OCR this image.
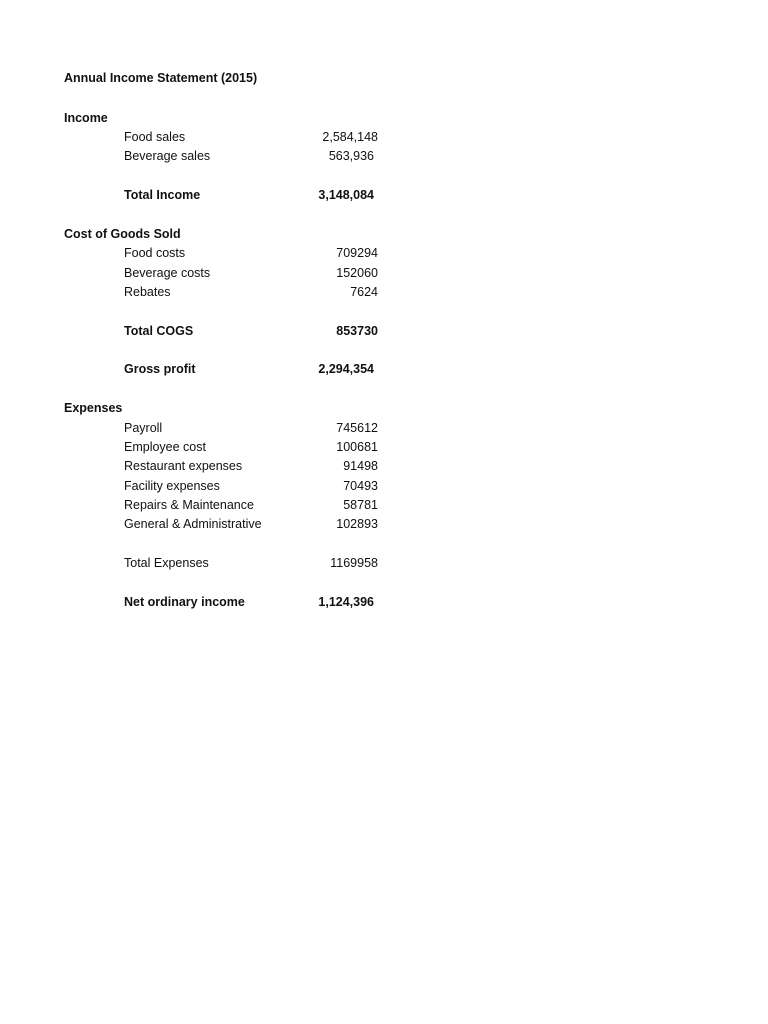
Annual Income Statement (2015)
Income
Food sales	2,584,148
Beverage sales	563,936
Total Income	3,148,084
Cost of Goods Sold
Food costs	709294
Beverage costs	152060
Rebates	7624
Total COGS	853730
Gross profit	2,294,354
Expenses
Payroll	745612
Employee cost	100681
Restaurant expenses	91498
Facility expenses	70493
Repairs & Maintenance	58781
General & Administrative	102893
Total Expenses	1169958
Net ordinary income	1,124,396
